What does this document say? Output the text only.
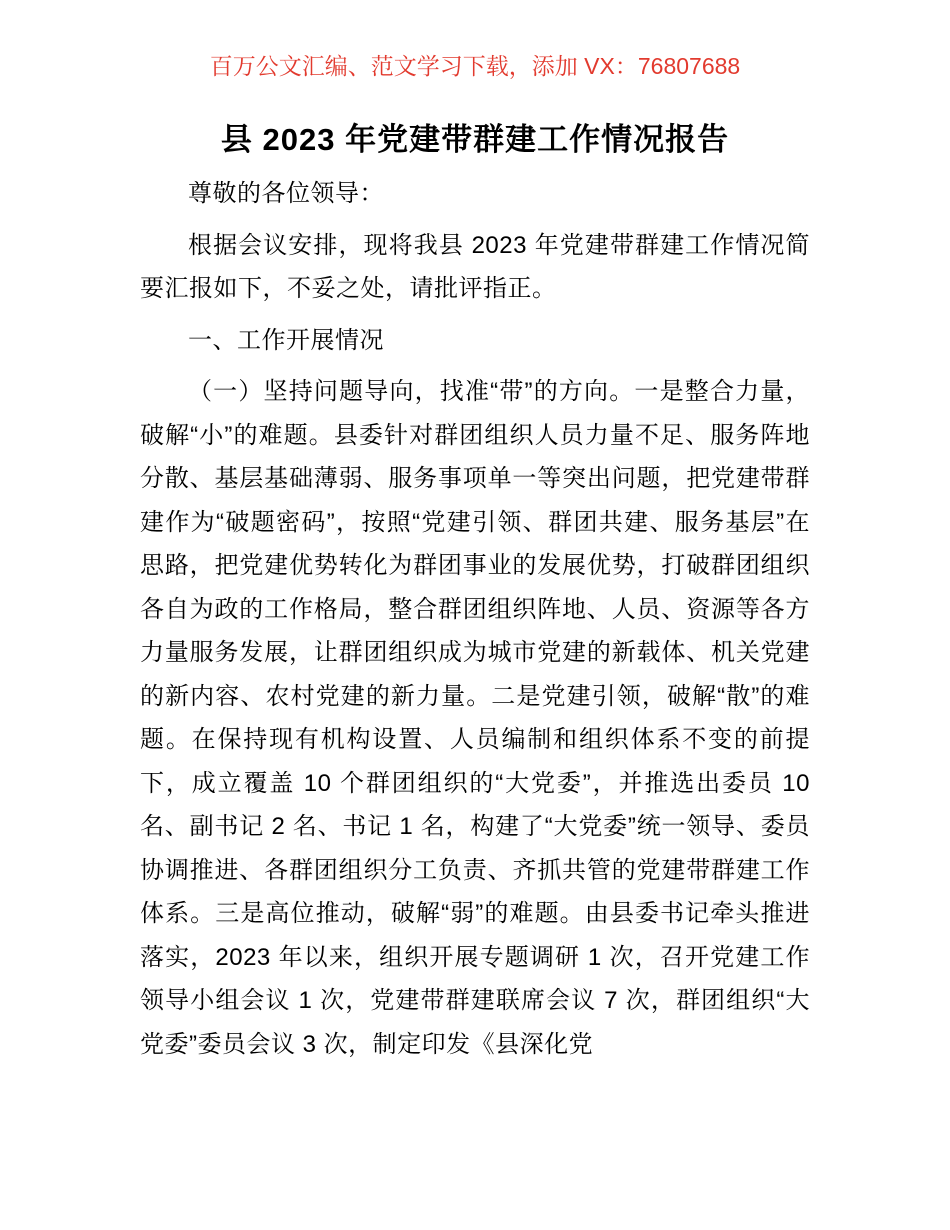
百万公文汇编、范文学习下载，添加 VX：76807688
县 2023 年党建带群建工作情况报告

尊敬的各位领导：

根据会议安排，现将我县 2023 年党建带群建工作情况简要汇报如下，不妥之处，请批评指正。

一、工作开展情况

（一）坚持问题导向，找准“带”的方向。一是整合力量，破解“小”的难题。县委针对群团组织人员力量不足、服务阵地分散、基层基础薄弱、服务事项单一等突出问题，把党建带群建作为“破题密码”，按照“党建引领、群团共建、服务基层”在思路，把党建优势转化为群团事业的发展优势，打破群团组织各自为政的工作格局，整合群团组织阵地、人员、资源等各方力量服务发展，让群团组织成为城市党建的新载体、机关党建的新内容、农村党建的新力量。二是党建引领，破解“散”的难题。在保持现有机构设置、人员编制和组织体系不变的前提下，成立覆盖 10 个群团组织的“大党委”，并推选出委员 10 名、副书记 2 名、书记 1 名，构建了“大党委”统一领导、委员协调推进、各群团组织分工负责、齐抓共管的党建带群建工作体系。三是高位推动，破解“弱”的难题。由县委书记牵头推进落实，2023 年以来，组织开展专题调研 1 次，召开党建工作领导小组会议 1 次，党建带群建联席会议 7 次，群团组织“大党委”委员会议 3 次，制定印发《县深化党
